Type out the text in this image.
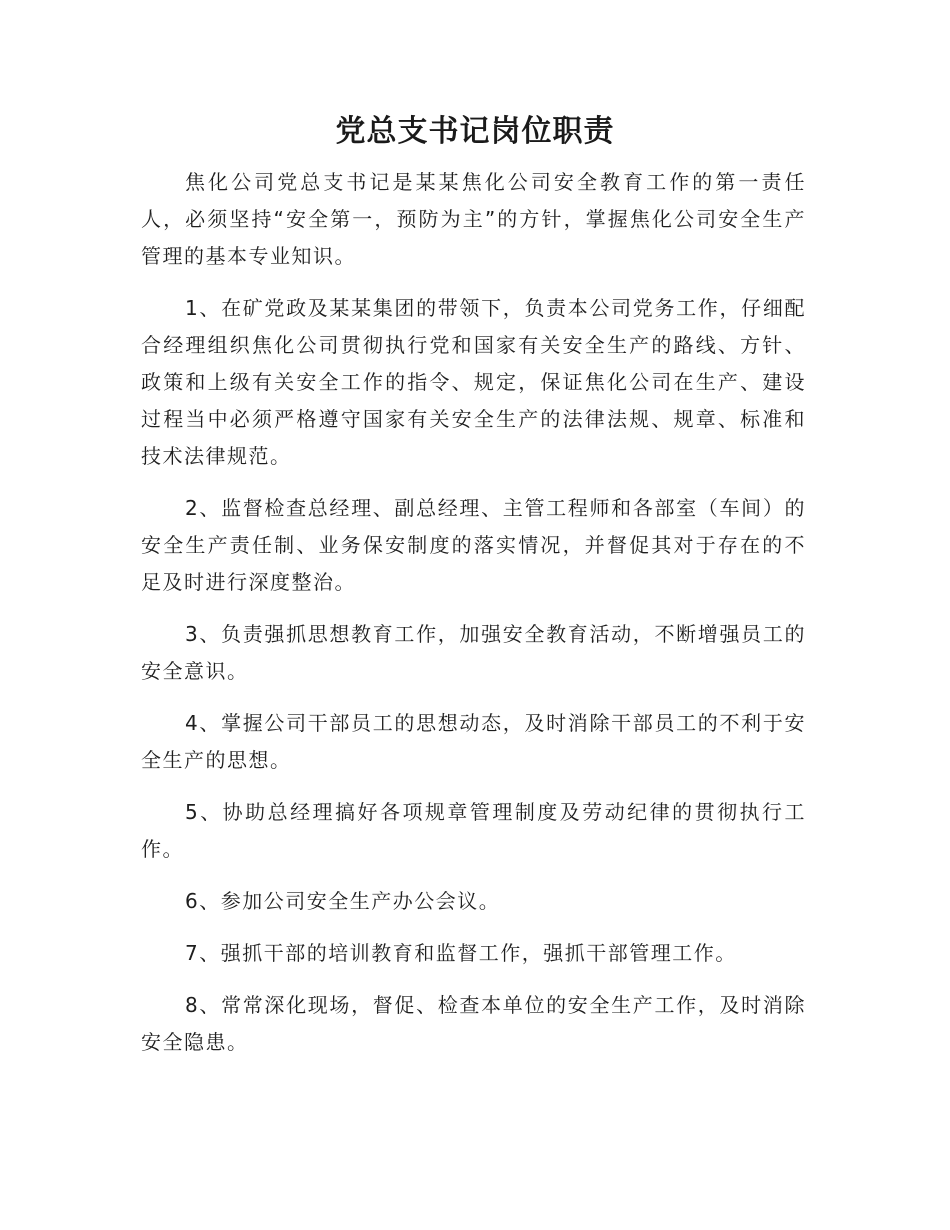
党总支书记岗位职责

焦化公司党总支书记是某某焦化公司安全教育工作的第一责任人，必须坚持“安全第一，预防为主”的方针，掌握焦化公司安全生产管理的基本专业知识。

1、在矿党政及某某集团的带领下，负责本公司党务工作，仔细配合经理组织焦化公司贯彻执行党和国家有关安全生产的路线、方针、政策和上级有关安全工作的指令、规定，保证焦化公司在生产、建设过程当中必须严格遵守国家有关安全生产的法律法规、规章、标准和技术法律规范。

2、监督检查总经理、副总经理、主管工程师和各部室（车间）的安全生产责任制、业务保安制度的落实情况，并督促其对于存在的不足及时进行深度整治。

3、负责强抓思想教育工作，加强安全教育活动，不断增强员工的安全意识。

4、掌握公司干部员工的思想动态，及时消除干部员工的不利于安全生产的思想。

5、协助总经理搞好各项规章管理制度及劳动纪律的贯彻执行工作。

6、参加公司安全生产办公会议。

7、强抓干部的培训教育和监督工作，强抓干部管理工作。

8、常常深化现场，督促、检查本单位的安全生产工作，及时消除安全隐患。
